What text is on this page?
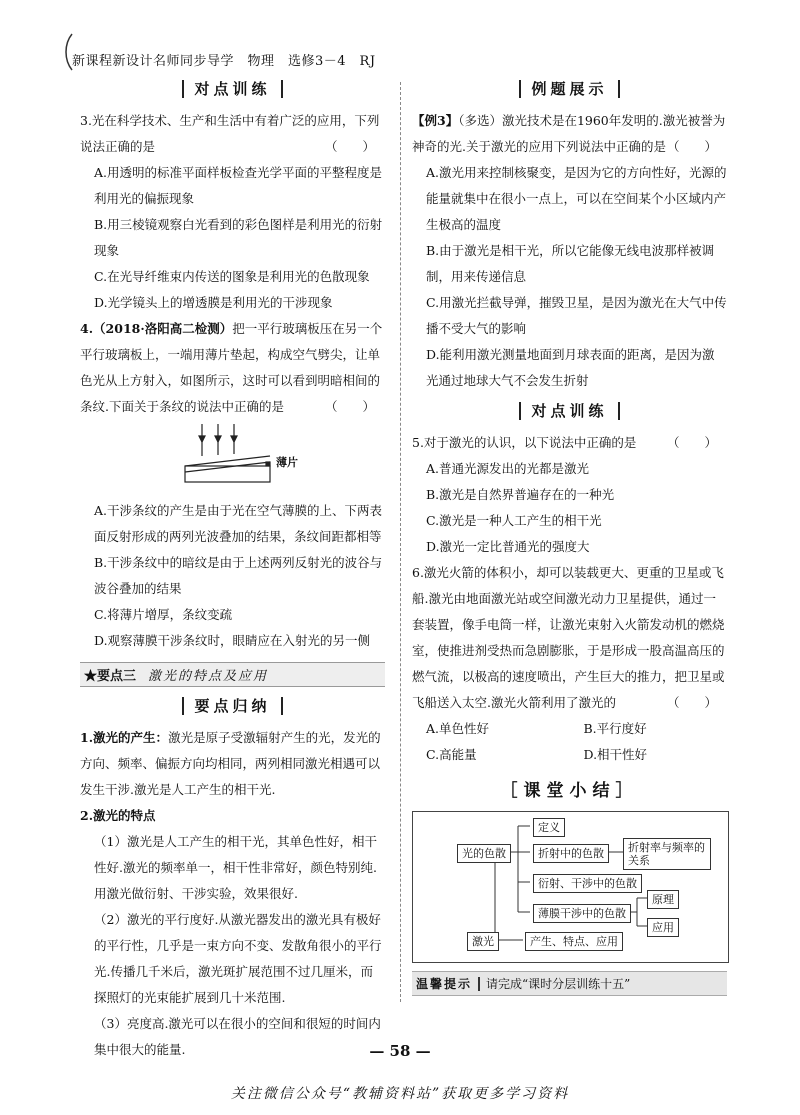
新课程新设计名师同步导学　物理　选修3－4　RJ
对点训练

3.光在科学技术、生产和生活中有着广泛的应用，下列说法正确的是	（　　）

A.用透明的标准平面样板检查光学平面的平整程度是利用光的偏振现象

B.用三棱镜观察白光看到的彩色图样是利用光的衍射现象

C.在光导纤维束内传送的图象是利用光的色散现象

D.光学镜头上的增透膜是利用光的干涉现象

4.（2018·洛阳高二检测）把一平行玻璃板压在另一个平行玻璃板上，一端用薄片垫起，构成空气劈尖，让单色光从上方射入，如图所示，这时可以看到明暗相间的条纹.下面关于条纹的说法中正确的是	（　　）

薄片

A.干涉条纹的产生是由于光在空气薄膜的上、下两表面反射形成的两列光波叠加的结果，条纹间距都相等

B.干涉条纹中的暗纹是由于上述两列反射光的波谷与波谷叠加的结果

C.将薄片增厚，条纹变疏

D.观察薄膜干涉条纹时，眼睛应在入射光的另一侧

★要点三 激光的特点及应用
要点归纳

1.激光的产生：激光是原子受激辐射产生的光，发光的方向、频率、偏振方向均相同，两列相同激光相遇可以发生干涉.激光是人工产生的相干光.

2.激光的特点

（1）激光是人工产生的相干光，其单色性好，相干性好.激光的频率单一，相干性非常好，颜色特别纯.用激光做衍射、干涉实验，效果很好.

（2）激光的平行度好.从激光器发出的激光具有极好的平行性，几乎是一束方向不变、发散角很小的平行光.传播几千米后，激光斑扩展范围不过几厘米，而探照灯的光束能扩展到几十米范围.

（3）亮度高.激光可以在很小的空间和很短的时间内集中很大的能量.

例题展示

【例3】（多选）激光技术是在1960年发明的.激光被誉为神奇的光.关于激光的应用下列说法中正确的是 （　　）

A.激光用来控制核聚变，是因为它的方向性好，光源的能量就集中在很小一点上，可以在空间某个小区域内产生极高的温度

B.由于激光是相干光，所以它能像无线电波那样被调制，用来传递信息

C.用激光拦截导弹，摧毁卫星，是因为激光在大气中传播不受大气的影响

D.能利用激光测量地面到月球表面的距离，是因为激光通过地球大气不会发生折射

对点训练

5.对于激光的认识，以下说法中正确的是 （　　）

A.普通光源发出的光都是激光

B.激光是自然界普遍存在的一种光

C.激光是一种人工产生的相干光

D.激光一定比普通光的强度大

6.激光火箭的体积小，却可以装载更大、更重的卫星或飞船.激光由地面激光站或空间激光动力卫星提供，通过一套装置，像手电筒一样，让激光束射入火箭发动机的燃烧室，使推进剂受热而急剧膨胀，于是形成一股高温高压的燃气流，以极高的速度喷出，产生巨大的推力，把卫星或飞船送入太空.激光火箭利用了激光的	（　　）

A.单色性好	B.平行度好

C.高能量	D.相干性好

［课堂小结］
光的色散
定义
折射中的色散	折射率与频率的关系
衍射、干涉中的色散
薄膜干涉中的色散
原理
应用
激光	产生、特点、应用
温馨提示 请完成“课时分层训练十五”
— 58 —
关注微信公众号“教辅资料站”获取更多学习资料
